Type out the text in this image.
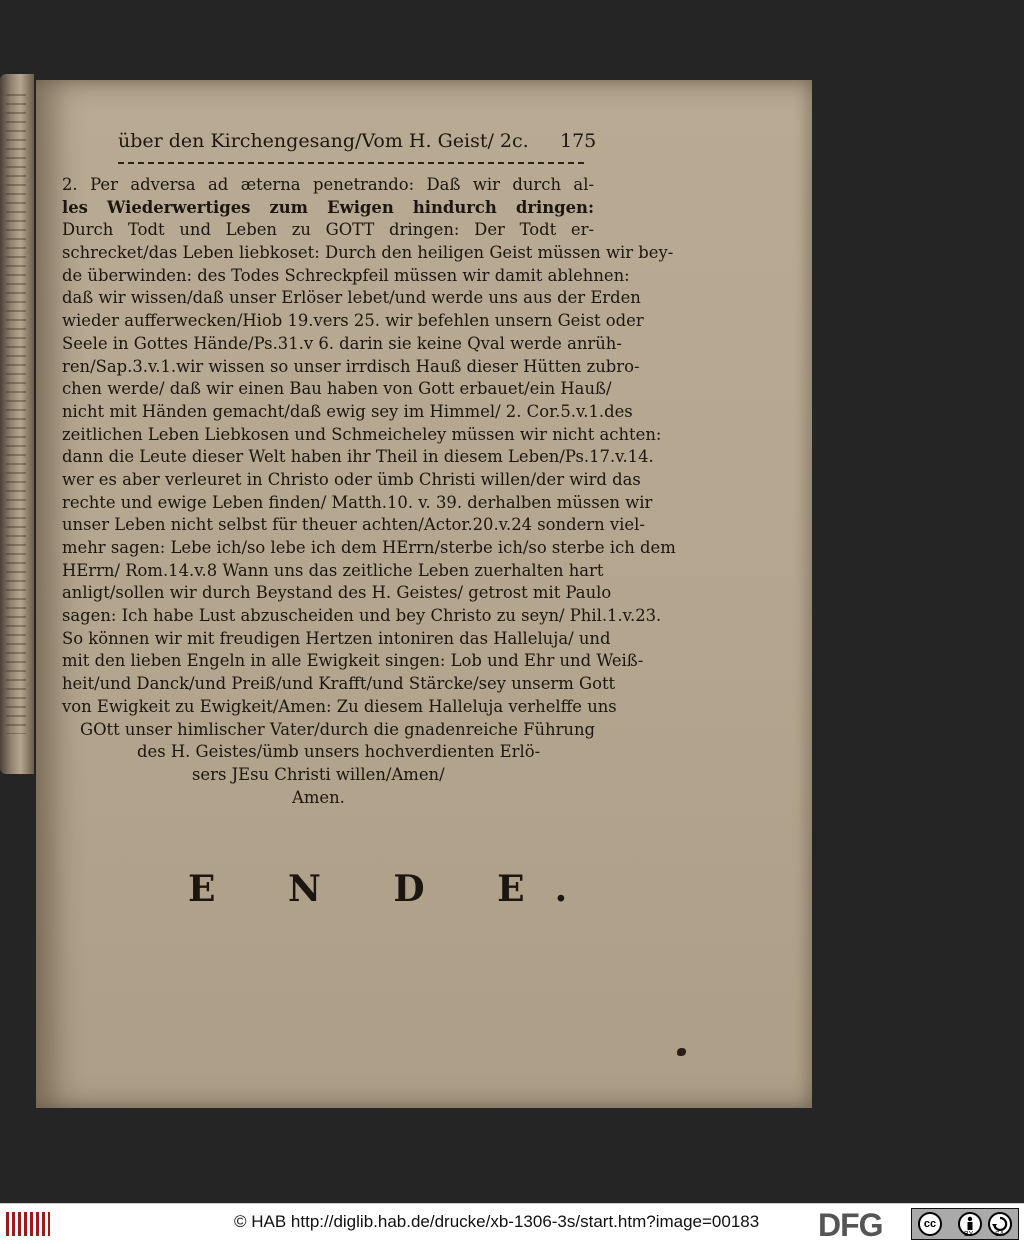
über den Kirchengesang/Vom H. Geist/ 2c. 175
2. Per adversa ad æterna penetrando: Daß wir durch al-
les Wiederwertiges zum Ewigen hindurch dringen:
Durch Todt und Leben zu GOTT dringen: Der Todt er-
schrecket/das Leben liebkoset: Durch den heiligen Geist müssen wir bey-
de überwinden: des Todes Schreckpfeil müssen wir damit ablehnen:
daß wir wissen/daß unser Erlöser lebet/und werde uns aus der Erden
wieder aufferwecken/Hiob 19.vers 25. wir befehlen unsern Geist oder
Seele in Gottes Hände/Ps.31.v 6. darin sie keine Qval werde anrüh-
ren/Sap.3.v.1.wir wissen so unser irrdisch Hauß dieser Hütten zubro-
chen werde/ daß wir einen Bau haben von Gott erbauet/ein Hauß/
nicht mit Händen gemacht/daß ewig sey im Himmel/ 2. Cor.5.v.1.des
zeitlichen Leben Liebkosen und Schmeicheley müssen wir nicht achten:
dann die Leute dieser Welt haben ihr Theil in diesem Leben/Ps.17.v.14.
wer es aber verleuret in Christo oder ümb Christi willen/der wird das
rechte und ewige Leben finden/ Matth.10. v. 39. derhalben müssen wir
unser Leben nicht selbst für theuer achten/Actor.20.v.24 sondern viel-
mehr sagen: Lebe ich/so lebe ich dem HErrn/sterbe ich/so sterbe ich dem
HErrn/ Rom.14.v.8 Wann uns das zeitliche Leben zuerhalten hart
anligt/sollen wir durch Beystand des H. Geistes/ getrost mit Paulo
sagen: Ich habe Lust abzuscheiden und bey Christo zu seyn/ Phil.1.v.23.
So können wir mit freudigen Hertzen intoniren das Halleluja/ und
mit den lieben Engeln in alle Ewigkeit singen: Lob und Ehr und Weiß-
heit/und Danck/und Preiß/und Krafft/und Stärcke/sey unserm Gott
von Ewigkeit zu Ewigkeit/Amen: Zu diesem Halleluja verhelffe uns
GOtt unser himlischer Vater/durch die gnadenreiche Führung
des H. Geistes/ümb unsers hochverdienten Erlö-
sers JEsu Christi willen/Amen/
Amen.
E N D E.
© HAB http://diglib.hab.de/drucke/xb-1306-3s/start.htm?image=00183 DFG	cc
BY	SA
